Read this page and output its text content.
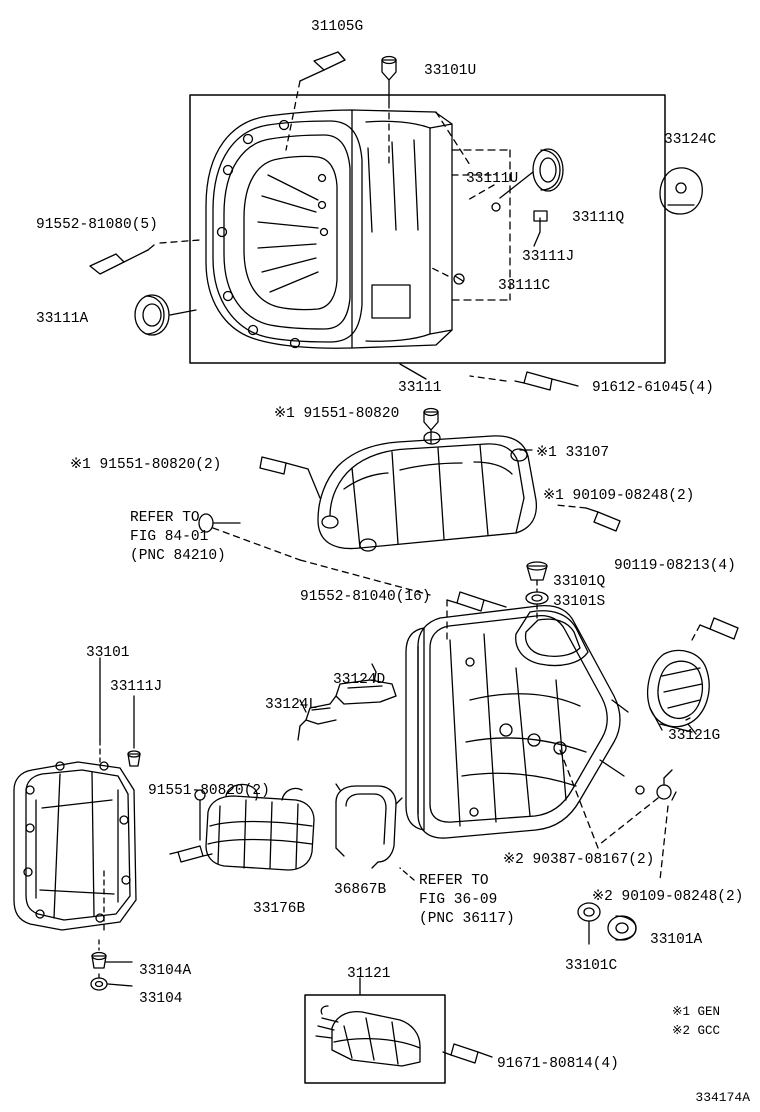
31105G
33101U
33124C
33111U
33111Q
91552-81080(5)
33111J
33111C
33111A
33111	91612-61045(4)
※1 91551-80820
※1 33107
※1 91551-80820(2)
※1 90109-08248(2)
REFER TO
FIG 84-01
(PNC 84210)
90119-08213(4)
33101Q
33101S
91552-81040(16)
33101
33124D
33111J
33124L
33121G
91551-80820(2)
※2 90387-08167(2)
36867B
REFER TO
FIG 36-09
(PNC 36117)
※2 90109-08248(2)
33176B
33101A
33101C
33104A
33104
31121
91671-80814(4)
※1 GEN
※2 GCC
334174A
